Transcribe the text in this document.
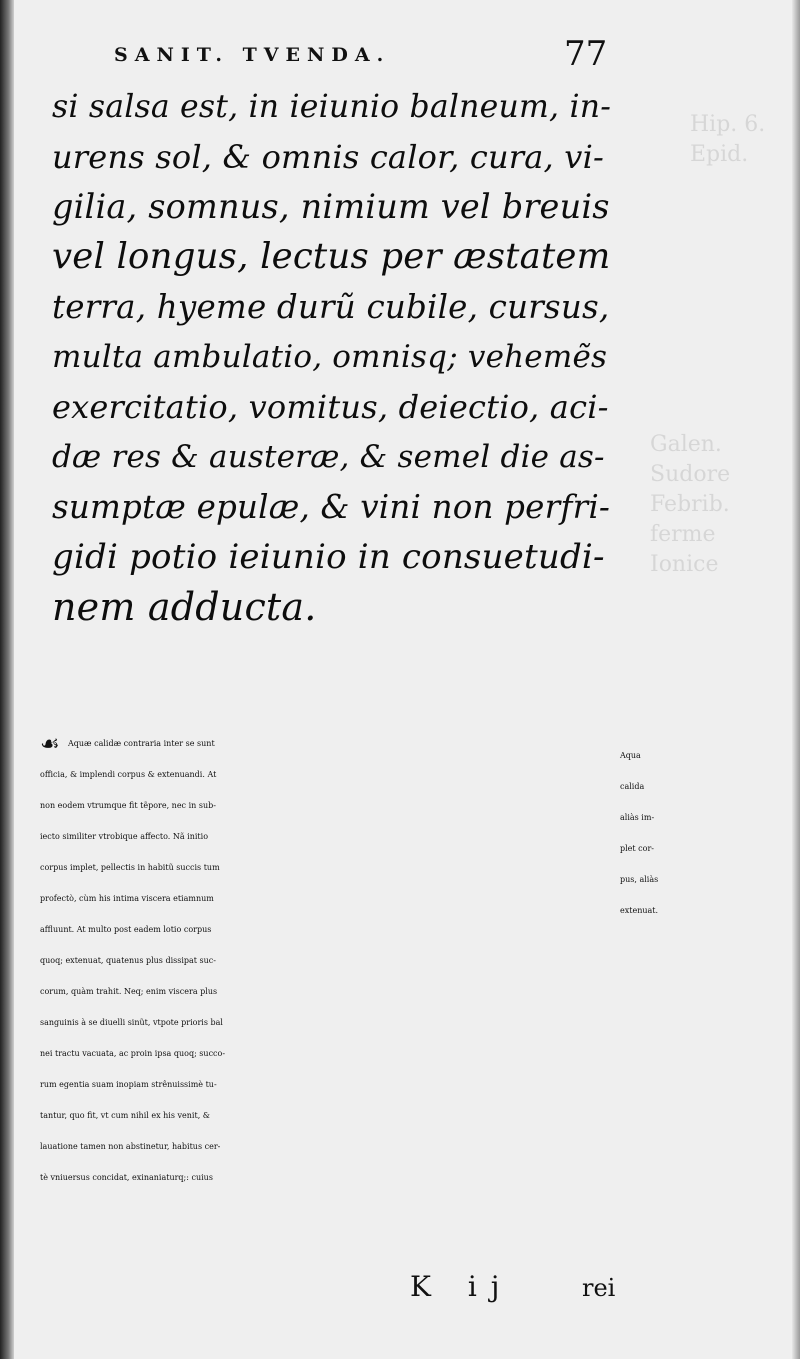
Hip. 6.
Epid.
Galen.
Sudore
Febrib.
ferme
Ionice
SANIT. TVENDA.	77
si salsa est, in ieiunio balneum, in-
urens sol, & omnis calor, cura, vi-
gilia, somnus, nimium vel breuis
vel longus, lectus per æstatem
terra, hyeme durũ cubile, cursus,
multa ambulatio, omnisq; vehemẽs
exercitatio, vomitus, deiectio, aci-
dæ res & austeræ, & semel die as-
sumptæ epulæ, & vini non perfri-
gidi potio ieiunio in consuetudi-
nem adducta.
☙	Aquæ calidæ contraria inter se sunt
officia, & implendi corpus & extenuandi. At
non eodem vtrumque fit tẽpore, nec in sub-
iecto similiter vtrobique affecto. Nã initio
corpus implet, pellectis in habitũ succis tum
profectò, cùm his intima viscera etiamnum
affluunt. At multo post eadem lotio corpus
quoq; extenuat, quatenus plus dissipat suc-
corum, quàm trahit. Neq; enim viscera plus
sanguinis à se diuelli sinũt, vtpote prioris bal
nei tractu vacuata, ac proin ipsa quoq; succo-
rum egentia suam inopiam strênuissimè tu-
tantur, quo fit, vt cum nihil ex his venit, &
lauatione tamen non abstinetur, habitus cer-
tè vniuersus concidat, exinaniaturq;: cuius
Aqua
calida
aliàs im-
plet cor-
pus, aliàs
extenuat.
K ij	rei
